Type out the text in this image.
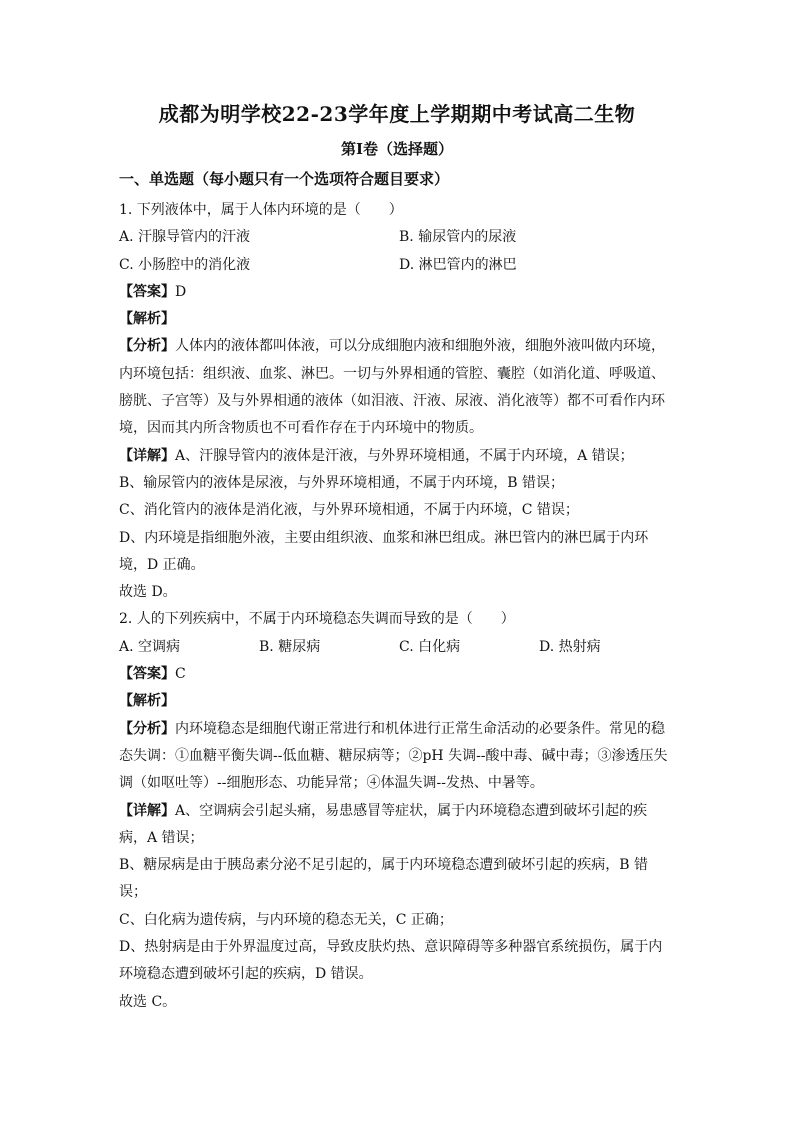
成都为明学校22-23学年度上学期期中考试高二生物
第Ⅰ卷（选择题）
一、单选题（每小题只有一个选项符合题目要求）
1. 下列液体中，属于人体内环境的是（　　）
A. 汗腺导管内的汗液	B. 输尿管内的尿液
C. 小肠腔中的消化液	D. 淋巴管内的淋巴
【答案】D
【解析】
【分析】人体内的液体都叫体液，可以分成细胞内液和细胞外液，细胞外液叫做内环境，
内环境包括：组织液、血浆、淋巴。一切与外界相通的管腔、囊腔（如消化道、呼吸道、
膀胱、子宫等）及与外界相通的液体（如泪液、汗液、尿液、消化液等）都不可看作内环
境，因而其内所含物质也不可看作存在于内环境中的物质。
【详解】A、汗腺导管内的液体是汗液，与外界环境相通，不属于内环境，A 错误；
B、输尿管内的液体是尿液，与外界环境相通，不属于内环境，B 错误；
C、消化管内的液体是消化液，与外界环境相通，不属于内环境，C 错误；
D、内环境是指细胞外液，主要由组织液、血浆和淋巴组成。淋巴管内的淋巴属于内环
境，D 正确。
故选 D。
2. 人的下列疾病中，不属于内环境稳态失调而导致的是（　　）
A. 空调病	B. 糖尿病	C. 白化病	D. 热射病
【答案】C
【解析】
【分析】内环境稳态是细胞代谢正常进行和机体进行正常生命活动的必要条件。常见的稳
态失调：①血糖平衡失调--低血糖、糖尿病等；②pH 失调--酸中毒、碱中毒；③渗透压失
调（如呕吐等）--细胞形态、功能异常；④体温失调--发热、中暑等。
【详解】A、空调病会引起头痛，易患感冒等症状，属于内环境稳态遭到破坏引起的疾
病，A 错误；
B、糖尿病是由于胰岛素分泌不足引起的，属于内环境稳态遭到破坏引起的疾病，B 错
误；
C、白化病为遗传病，与内环境的稳态无关，C 正确；
D、热射病是由于外界温度过高，导致皮肤灼热、意识障碍等多种器官系统损伤，属于内
环境稳态遭到破坏引起的疾病，D 错误。
故选 C。
